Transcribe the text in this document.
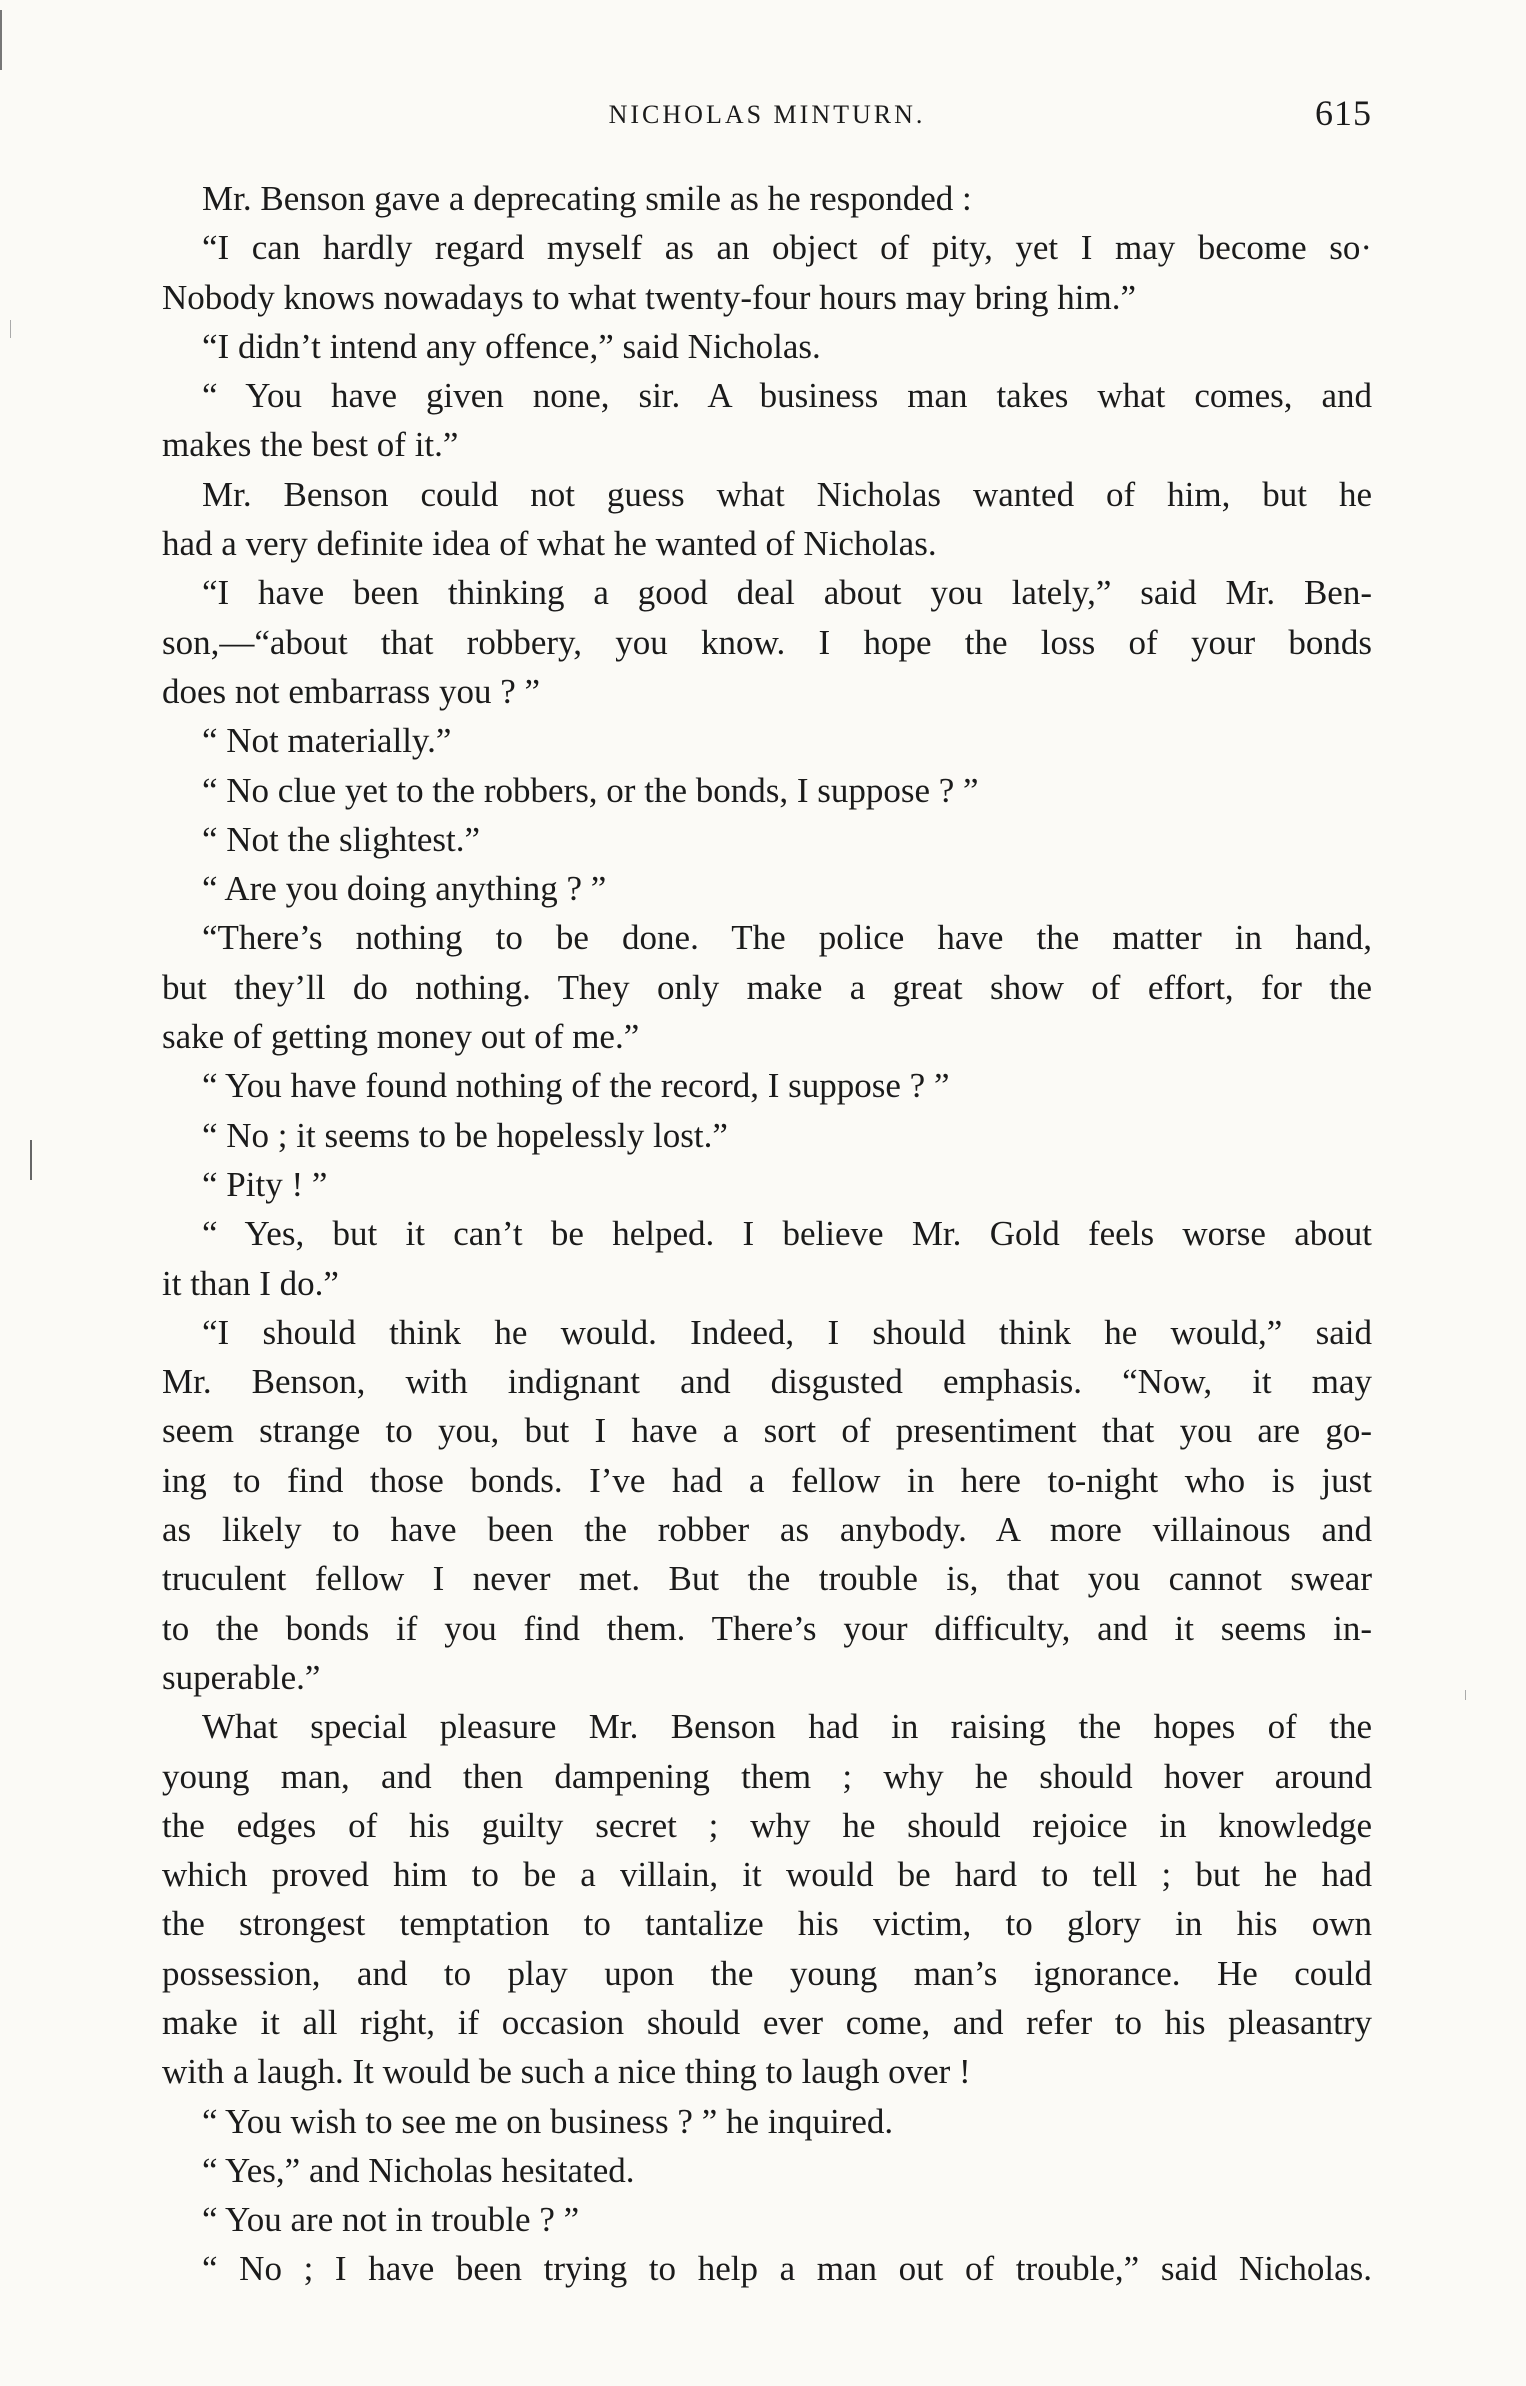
NICHOLAS MINTURN.	615
Mr. Benson gave a deprecating smile as he responded :
“I can hardly regard myself as an object of pity, yet I may become so·
Nobody knows nowadays to what twenty-four hours may bring him.”
“I didn’t intend any offence,” said Nicholas.
“ You have given none, sir. A business man takes what comes, and
makes the best of it.”
Mr. Benson could not guess what Nicholas wanted of him, but he
had a very definite idea of what he wanted of Nicholas.
“I have been thinking a good deal about you lately,” said Mr. Ben-
son,—“about that robbery, you know. I hope the loss of your bonds
does not embarrass you ? ”
“ Not materially.”
“ No clue yet to the robbers, or the bonds, I suppose ? ”
“ Not the slightest.”
“ Are you doing anything ? ”
“There’s nothing to be done. The police have the matter in hand,
but they’ll do nothing. They only make a great show of effort, for the
sake of getting money out of me.”
“ You have found nothing of the record, I suppose ? ”
“ No ; it seems to be hopelessly lost.”
“ Pity ! ”
“ Yes, but it can’t be helped. I believe Mr. Gold feels worse about
it than I do.”
“I should think he would. Indeed, I should think he would,” said
Mr. Benson, with indignant and disgusted emphasis. “Now, it may
seem strange to you, but I have a sort of presentiment that you are go-
ing to find those bonds. I’ve had a fellow in here to-night who is just
as likely to have been the robber as anybody. A more villainous and
truculent fellow I never met. But the trouble is, that you cannot swear
to the bonds if you find them. There’s your difficulty, and it seems in-
superable.”
What special pleasure Mr. Benson had in raising the hopes of the
young man, and then dampening them ; why he should hover around
the edges of his guilty secret ; why he should rejoice in knowledge
which proved him to be a villain, it would be hard to tell ; but he had
the strongest temptation to tantalize his victim, to glory in his own
possession, and to play upon the young man’s ignorance. He could
make it all right, if occasion should ever come, and refer to his pleasantry
with a laugh. It would be such a nice thing to laugh over !
“ You wish to see me on business ? ” he inquired.
“ Yes,” and Nicholas hesitated.
“ You are not in trouble ? ”
“ No ; I have been trying to help a man out of trouble,” said Nicholas.
